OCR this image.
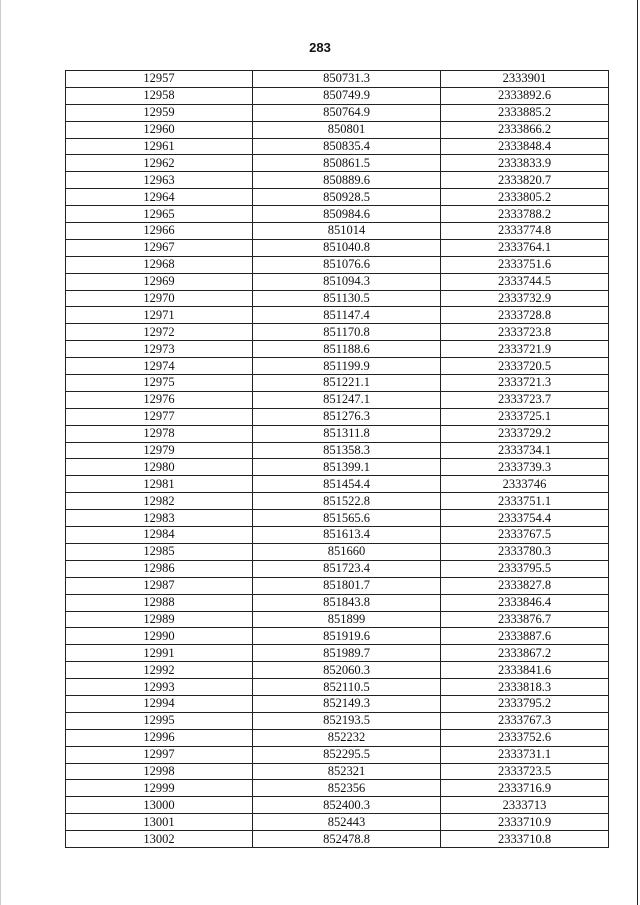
283
12957	850731.3	2333901
12958	850749.9	2333892.6
12959	850764.9	2333885.2
12960	850801	2333866.2
12961	850835.4	2333848.4
12962	850861.5	2333833.9
12963	850889.6	2333820.7
12964	850928.5	2333805.2
12965	850984.6	2333788.2
12966	851014	2333774.8
12967	851040.8	2333764.1
12968	851076.6	2333751.6
12969	851094.3	2333744.5
12970	851130.5	2333732.9
12971	851147.4	2333728.8
12972	851170.8	2333723.8
12973	851188.6	2333721.9
12974	851199.9	2333720.5
12975	851221.1	2333721.3
12976	851247.1	2333723.7
12977	851276.3	2333725.1
12978	851311.8	2333729.2
12979	851358.3	2333734.1
12980	851399.1	2333739.3
12981	851454.4	2333746
12982	851522.8	2333751.1
12983	851565.6	2333754.4
12984	851613.4	2333767.5
12985	851660	2333780.3
12986	851723.4	2333795.5
12987	851801.7	2333827.8
12988	851843.8	2333846.4
12989	851899	2333876.7
12990	851919.6	2333887.6
12991	851989.7	2333867.2
12992	852060.3	2333841.6
12993	852110.5	2333818.3
12994	852149.3	2333795.2
12995	852193.5	2333767.3
12996	852232	2333752.6
12997	852295.5	2333731.1
12998	852321	2333723.5
12999	852356	2333716.9
13000	852400.3	2333713
13001	852443	2333710.9
13002	852478.8	2333710.8
